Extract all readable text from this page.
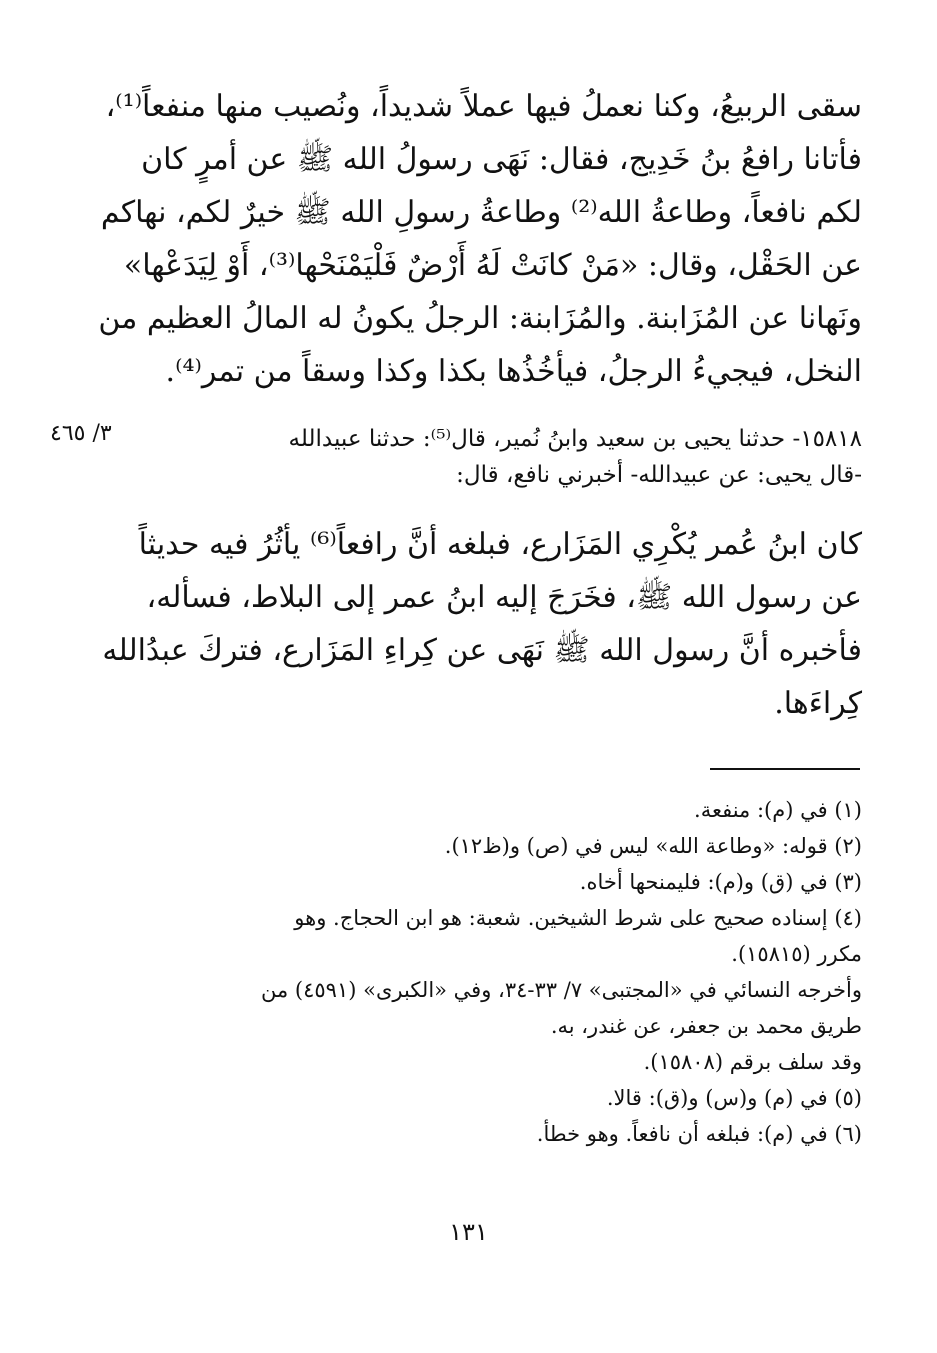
سقى الربيعُ، وكنا نعملُ فيها عملاً شديداً، ونُصيب منها منفعاً⁽¹⁾،
فأتانا رافعُ بنُ خَدِيج، فقال: نَهَى رسولُ الله ﷺ عن أمرٍ كان
لكم نافعاً، وطاعةُ الله⁽²⁾ وطاعةُ رسولِ الله ﷺ خيرٌ لكم، نهاكم
عن الحَقْل، وقال: «مَنْ كانَتْ لَهُ أَرْضٌ فَلْيَمْنَحْها⁽³⁾، أَوْ لِيَدَعْها»
ونَهانا عن المُزَابنة. والمُزَابنة: الرجلُ يكونُ له المالُ العظيم من
النخل، فيجيءُ الرجلُ، فيأخُذُها بكذا وكذا وسقاً من تمر⁽⁴⁾.
١٥٨١٨- حدثنا يحيى بن سعيد وابنُ نُمير، قال⁽⁵⁾: حدثنا عبيدالله
-قال يحيى: عن عبيدالله- أخبرني نافع، قال:
٣/ ٤٦٥
كان ابنُ عُمر يُكْرِي المَزَارع، فبلغه أنَّ رافعاً⁽⁶⁾ يأثُرُ فيه حديثاً
عن رسول الله ﷺ، فخَرَجَ إليه ابنُ عمر إلى البلاط، فسأله،
فأخبره أنَّ رسول الله ﷺ نَهَى عن كِراءِ المَزَارع، فتركَ عبدُالله
كِراءَها.
(١) في (م): منفعة.
(٢) قوله: «وطاعة الله» ليس في (ص) و(ظ١٢).
(٣) في (ق) و(م): فليمنحها أخاه.
(٤) إسناده صحيح على شرط الشيخين. شعبة: هو ابن الحجاج. وهو
مكرر (١٥٨١٥).
وأخرجه النسائي في «المجتبى» ٧/ ٣٣-٣٤، وفي «الكبرى» (٤٥٩١) من
طريق محمد بن جعفر، عن غندر، به.
وقد سلف برقم (١٥٨٠٨).
(٥) في (م) و(س) و(ق): قالا.
(٦) في (م): فبلغه أن نافعاً. وهو خطأ.
١٣١
